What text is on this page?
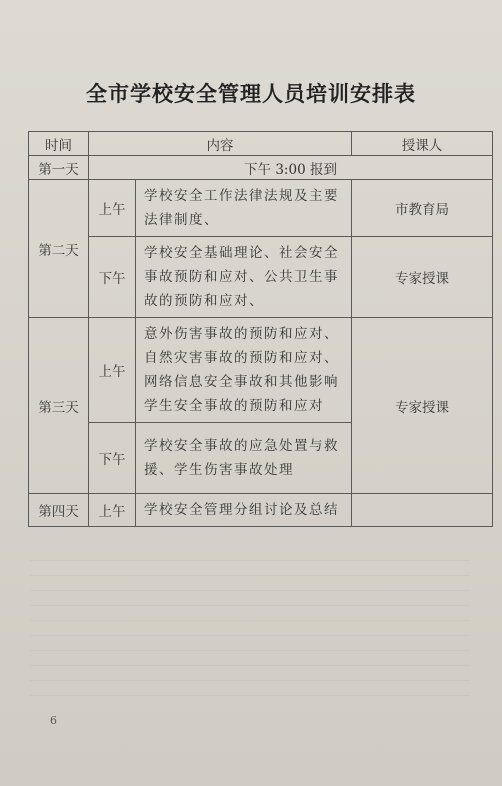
全市学校安全管理人员培训安排表
时间	内容		授课人
第一天	下午 3:00 报到		
第二天	上午	学校安全工作法律法规及主要法律制度、	市教育局
	下午	学校安全基础理论、社会安全事故预防和应对、公共卫生事故的预防和应对、	专家授课
第三天	上午	意外伤害事故的预防和应对、自然灾害事故的预防和应对、网络信息安全事故和其他影响学生安全事故的预防和应对	专家授课
	下午	学校安全事故的应急处置与救援、学生伤害事故处理	
第四天	上午	学校安全管理分组讨论及总结	
6
